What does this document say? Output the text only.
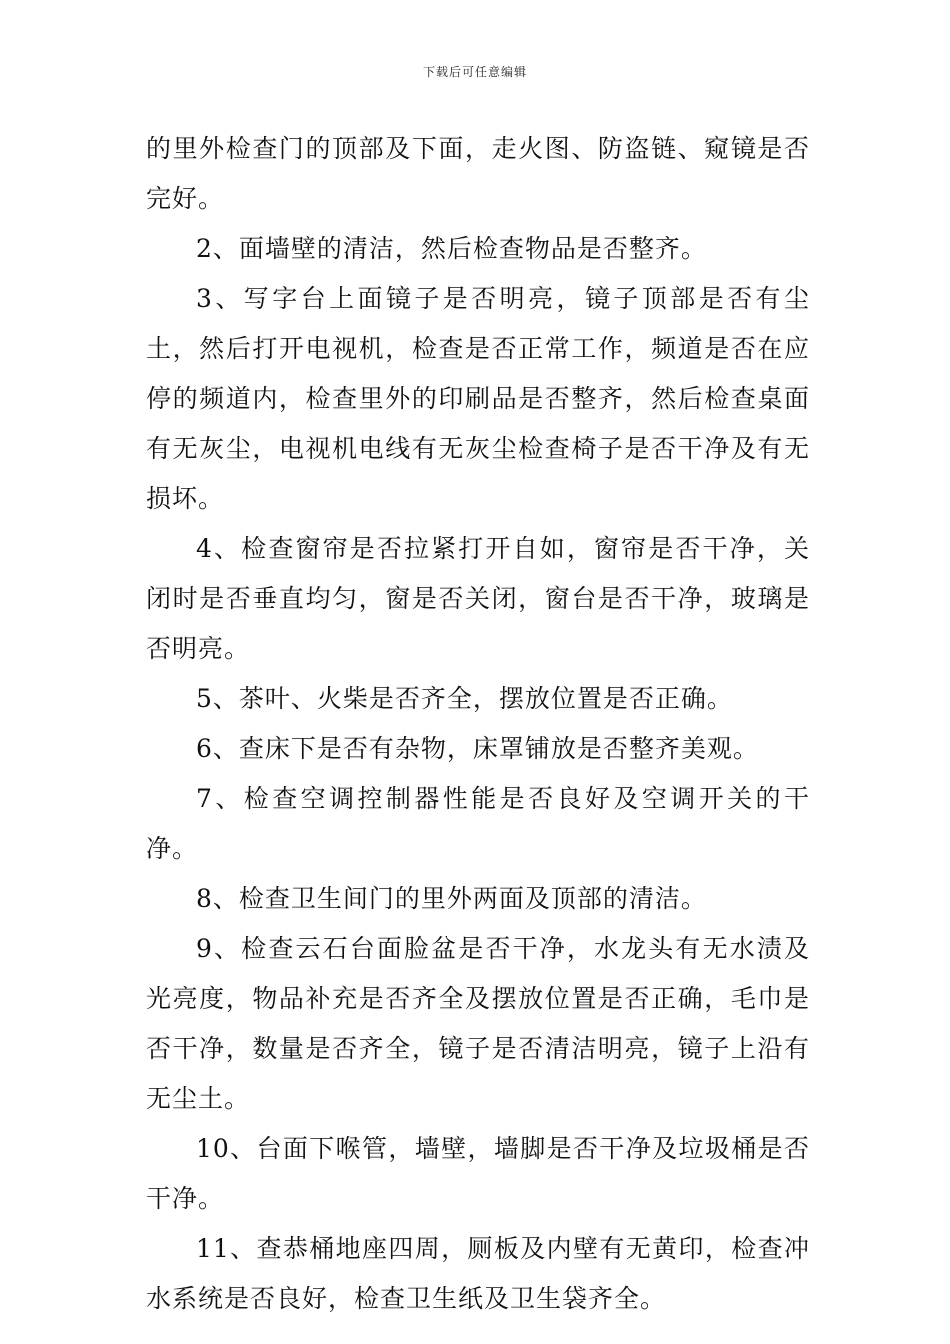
下载后可任意编辑

的里外检查门的顶部及下面，走火图、防盗链、窥镜是否完好。

2、面墙壁的清洁，然后检查物品是否整齐。

3、写字台上面镜子是否明亮，镜子顶部是否有尘土，然后打开电视机，检查是否正常工作，频道是否在应停的频道内，检查里外的印刷品是否整齐，然后检查桌面有无灰尘，电视机电线有无灰尘检查椅子是否干净及有无损坏。

4、检查窗帘是否拉紧打开自如，窗帘是否干净，关闭时是否垂直均匀，窗是否关闭，窗台是否干净，玻璃是否明亮。

5、茶叶、火柴是否齐全，摆放位置是否正确。

6、查床下是否有杂物，床罩铺放是否整齐美观。

7、检查空调控制器性能是否良好及空调开关的干净。

8、检查卫生间门的里外两面及顶部的清洁。

9、检查云石台面脸盆是否干净，水龙头有无水渍及光亮度，物品补充是否齐全及摆放位置是否正确，毛巾是否干净，数量是否齐全，镜子是否清洁明亮，镜子上沿有无尘土。

10、台面下喉管，墙壁，墙脚是否干净及垃圾桶是否干净。

11、查恭桶地座四周，厕板及内壁有无黄印，检查冲水系统是否良好，检查卫生纸及卫生袋齐全。
